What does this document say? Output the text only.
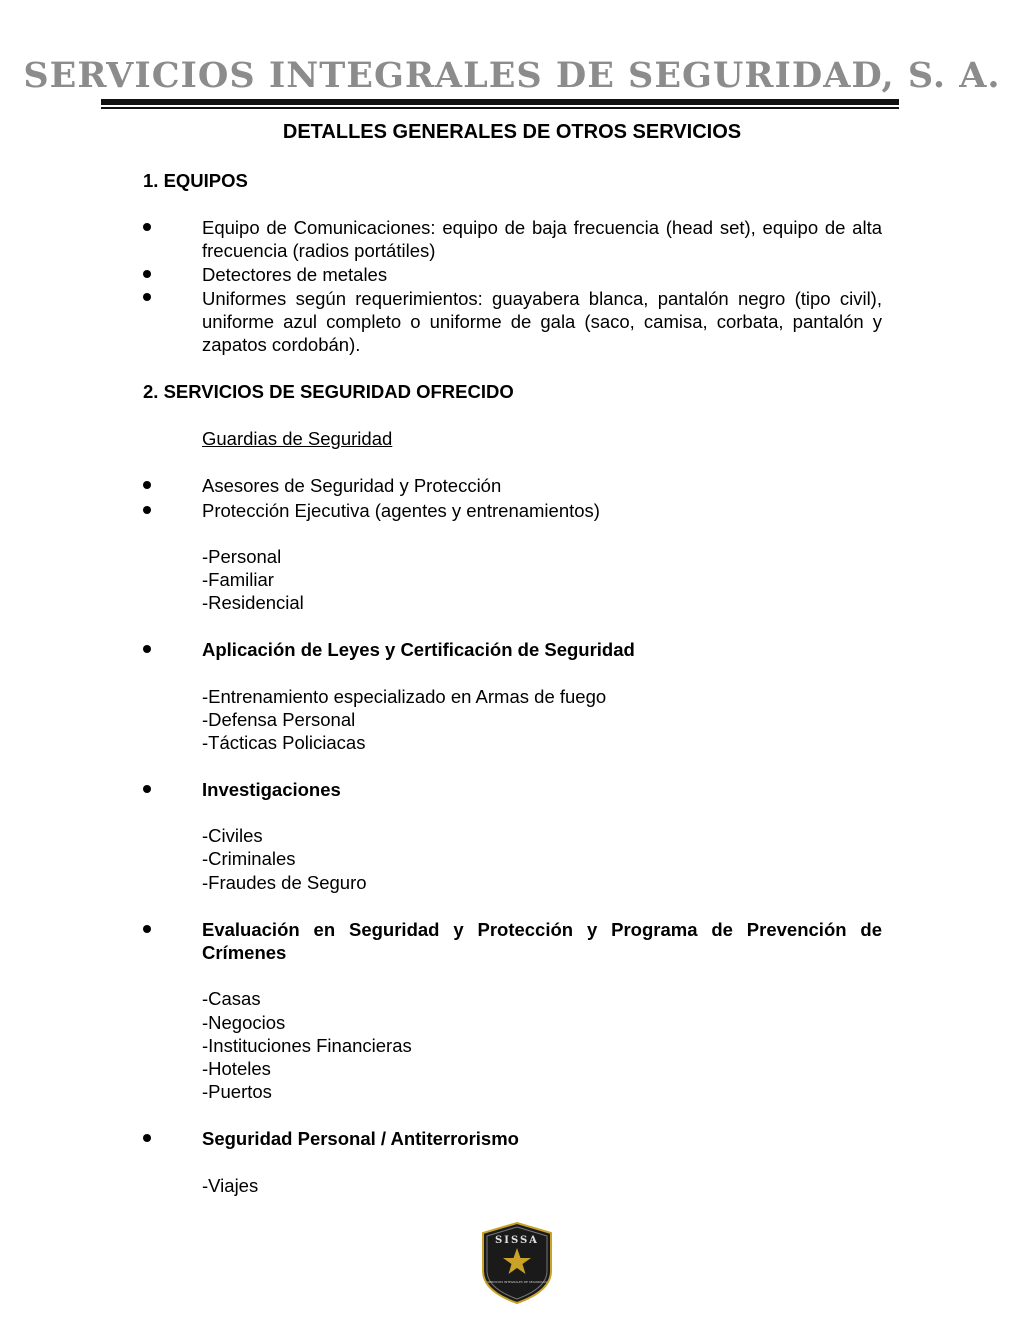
SERVICIOS INTEGRALES DE SEGURIDAD, S. A.
DETALLES GENERALES DE OTROS SERVICIOS
1. EQUIPOS
Equipo de Comunicaciones: equipo de baja frecuencia (head set), equipo de alta frecuencia (radios portátiles)
Detectores de metales
Uniformes según requerimientos: guayabera blanca, pantalón negro (tipo civil), uniforme azul completo o uniforme de gala (saco, camisa, corbata, pantalón y zapatos cordobán).
2. SERVICIOS DE SEGURIDAD OFRECIDO
Guardias de Seguridad
Asesores de Seguridad y Protección
Protección Ejecutiva (agentes y entrenamientos)
-Personal
-Familiar
-Residencial
Aplicación de Leyes y Certificación de Seguridad
-Entrenamiento especializado en Armas de fuego
-Defensa Personal
-Tácticas Policiacas
Investigaciones
-Civiles
-Criminales
-Fraudes de Seguro
Evaluación en Seguridad y Protección y Programa de Prevención de Crímenes
-Casas
-Negocios
-Instituciones Financieras
-Hoteles
-Puertos
Seguridad Personal / Antiterrorismo
-Viajes
SISSA
SERVICIOS INTEGRALES DE SEGURIDAD
